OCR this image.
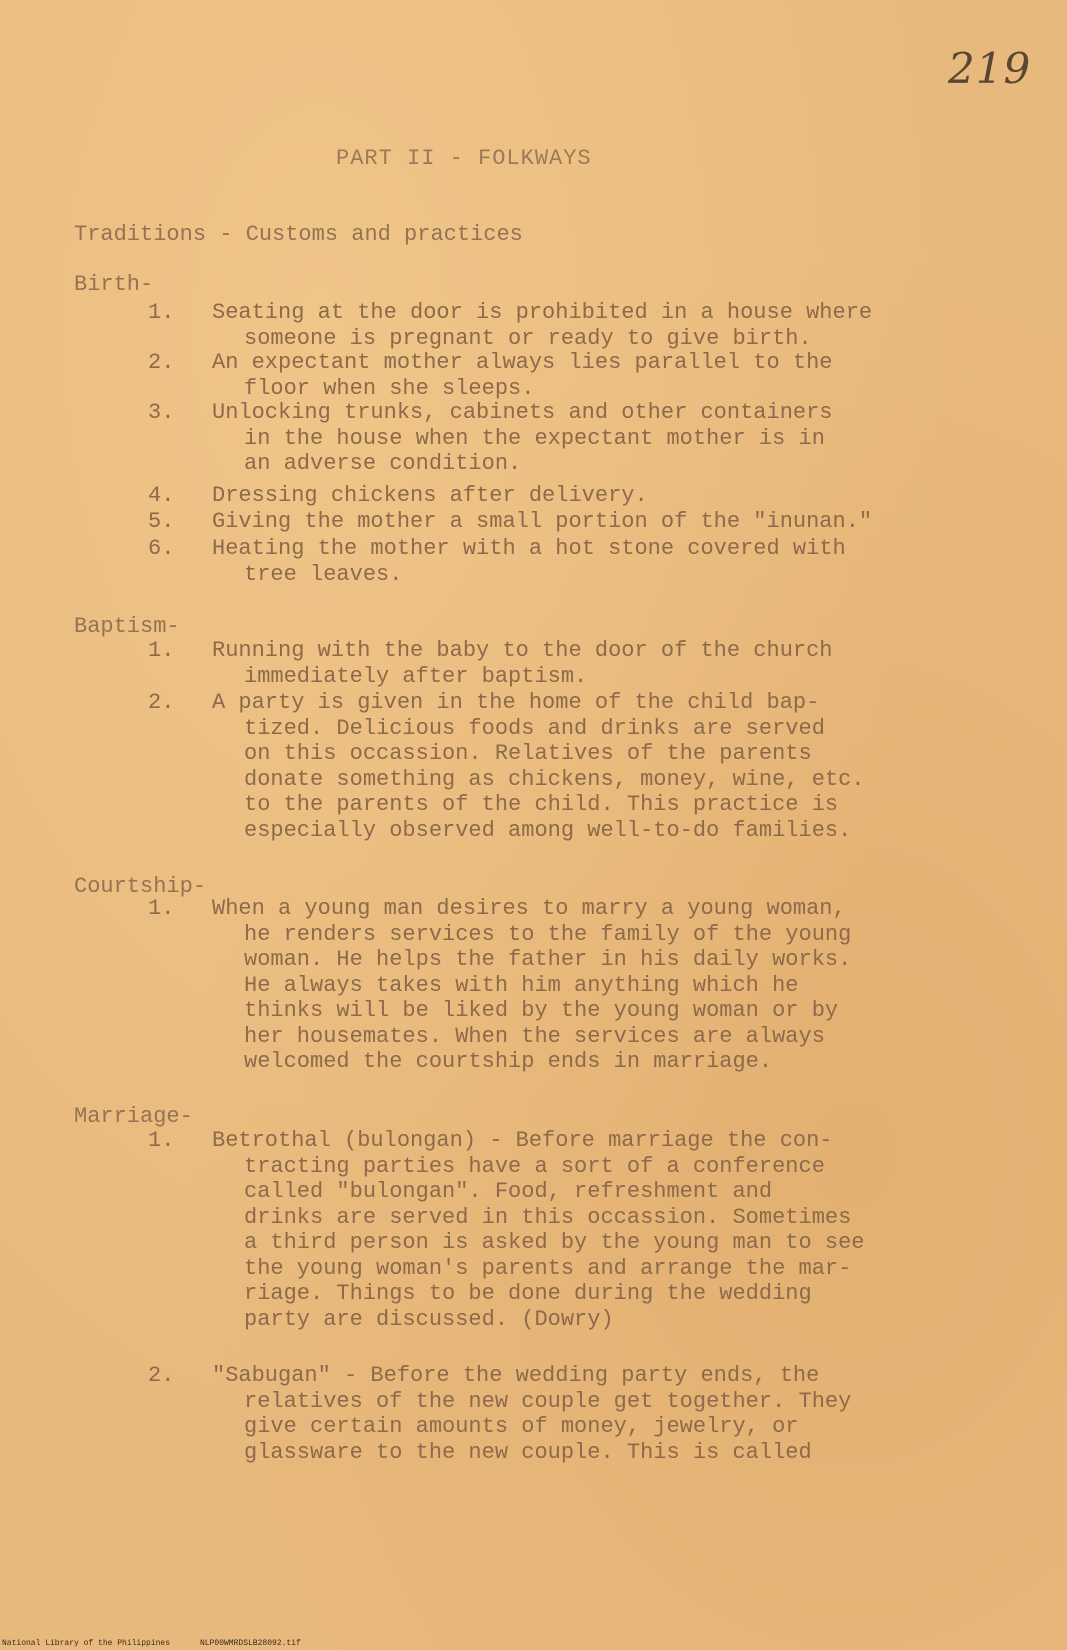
219
PART II - FOLKWAYS
Traditions - Customs and practices
Birth-
1. Seating at the door is prohibited in a house where
someone is pregnant or ready to give birth.
2. An expectant mother always lies parallel to the
floor when she sleeps.
3. Unlocking trunks, cabinets and other containers
in the house when the expectant mother is in
an adverse condition.
4. Dressing chickens after delivery.
5. Giving the mother a small portion of the "inunan."
6. Heating the mother with a hot stone covered with
tree leaves.
Baptism-
1. Running with the baby to the door of the church
immediately after baptism.
2. A party is given in the home of the child bap-
tized. Delicious foods and drinks are served
on this occassion. Relatives of the parents
donate something as chickens, money, wine, etc.
to the parents of the child. This practice is
especially observed among well-to-do families.
Courtship-
1. When a young man desires to marry a young woman,
he renders services to the family of the young
woman. He helps the father in his daily works.
He always takes with him anything which he
thinks will be liked by the young woman or by
her housemates. When the services are always
welcomed the courtship ends in marriage.
Marriage-
1. Betrothal (bulongan) - Before marriage the con-
tracting parties have a sort of a conference
called "bulongan". Food, refreshment and
drinks are served in this occassion. Sometimes
a third person is asked by the young man to see
the young woman's parents and arrange the mar-
riage. Things to be done during the wedding
party are discussed. (Dowry)
2. "Sabugan" - Before the wedding party ends, the
relatives of the new couple get together. They
give certain amounts of money, jewelry, or
glassware to the new couple. This is called
National Library of the Philippines	NLP00WMRDSLB28092.tif
